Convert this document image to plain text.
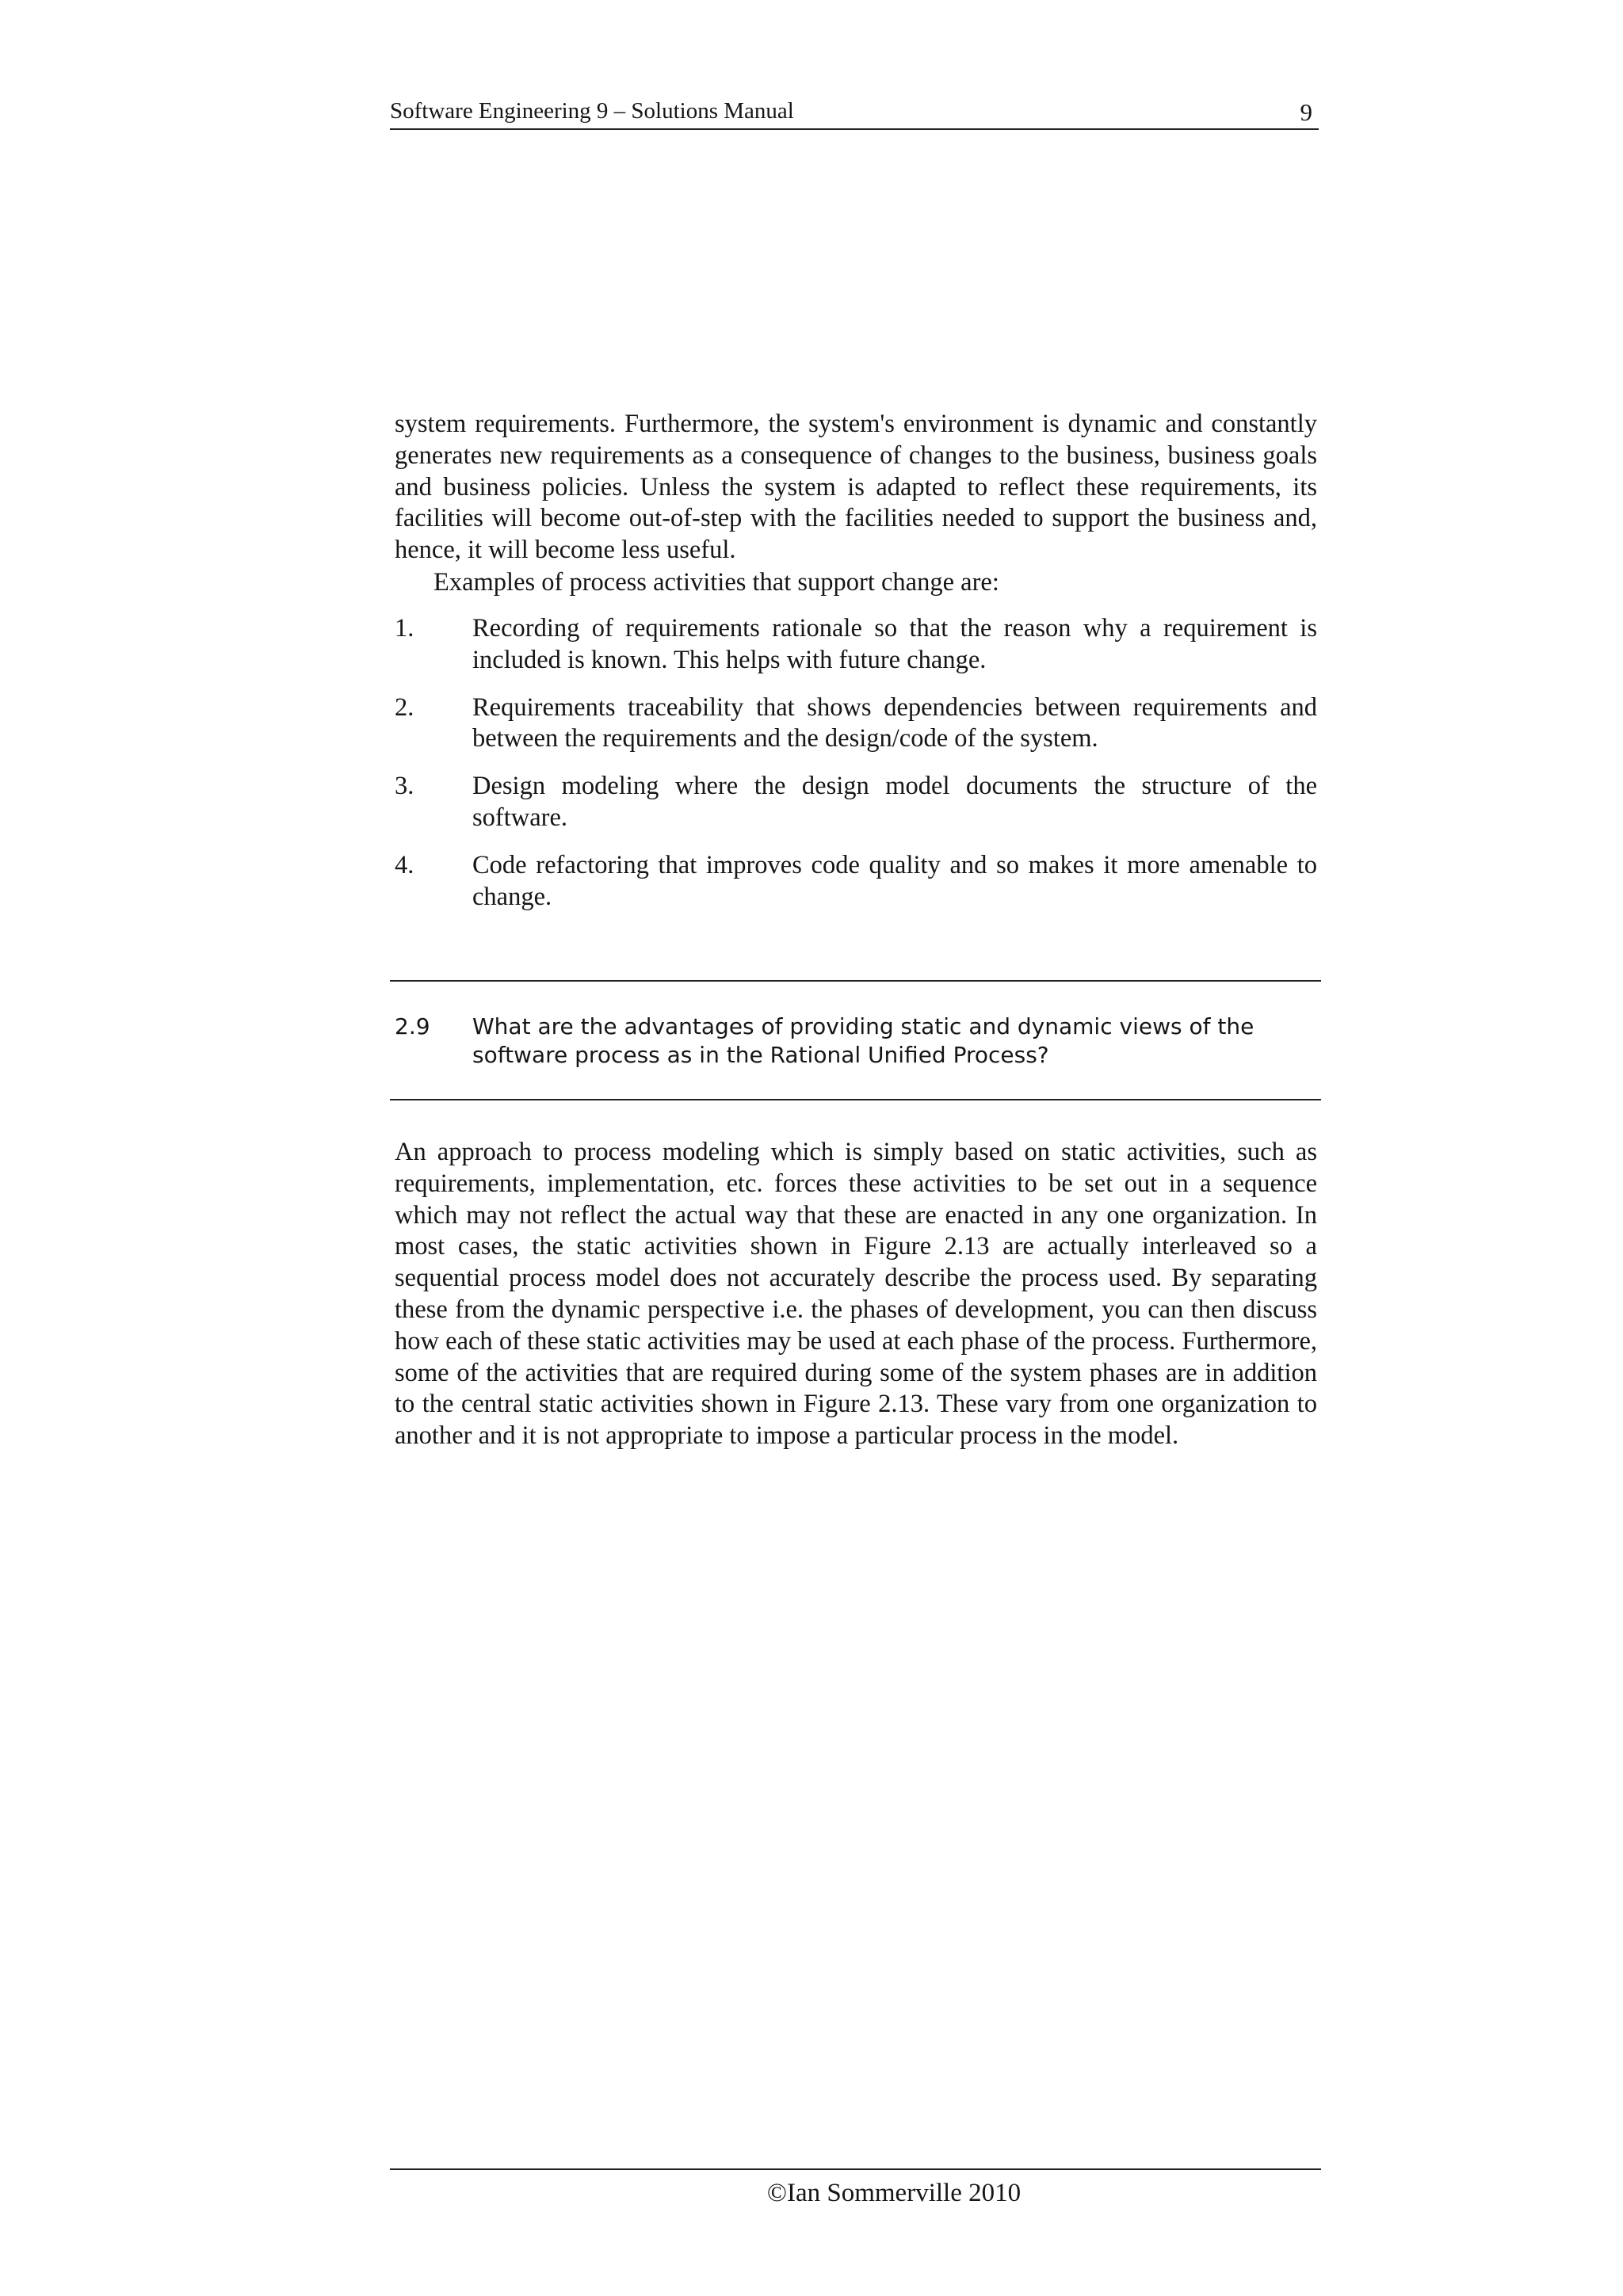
Software Engineering 9 – Solutions Manual	9
system requirements. Furthermore, the system's environment is dynamic and constantly generates new requirements as a consequence of changes to the business, business goals and business policies. Unless the system is adapted to reflect these requirements, its facilities will become out-of-step with the facilities needed to support the business and, hence, it will become less useful.
Examples of process activities that support change are:
1. Recording of requirements rationale so that the reason why a requirement is included is known. This helps with future change.
2. Requirements traceability that shows dependencies between requirements and between the requirements and the design/code of the system.
3. Design modeling where the design model documents the structure of the software.
4. Code refactoring that improves code quality and so makes it more amenable to change.
2.9 What are the advantages of providing static and dynamic views of the software process as in the Rational Unified Process?
An approach to process modeling which is simply based on static activities, such as requirements, implementation, etc. forces these activities to be set out in a sequence which may not reflect the actual way that these are enacted in any one organization. In most cases, the static activities shown in Figure 2.13 are actually interleaved so a sequential process model does not accurately describe the process used. By separating these from the dynamic perspective i.e. the phases of development, you can then discuss how each of these static activities may be used at each phase of the process. Furthermore, some of the activities that are required during some of the system phases are in addition to the central static activities shown in Figure 2.13. These vary from one organization to another and it is not appropriate to impose a particular process in the model.
©Ian Sommerville 2010
